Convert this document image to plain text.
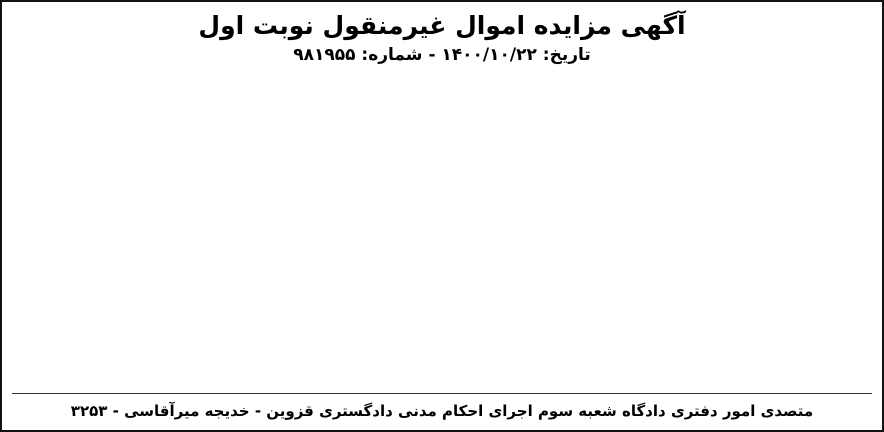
آگهی مزایده اموال غیرمنقول نوبت اول
تاریخ: ۱۴۰۰/۱۰/۲۲ - شماره: ۹۸۱۹۵۵

متصدی امور دفتری دادگاه شعبه سوم اجرای احکام مدنی دادگستری قزوین - خدیجه میرآقاسی - ۳۲۵۳
